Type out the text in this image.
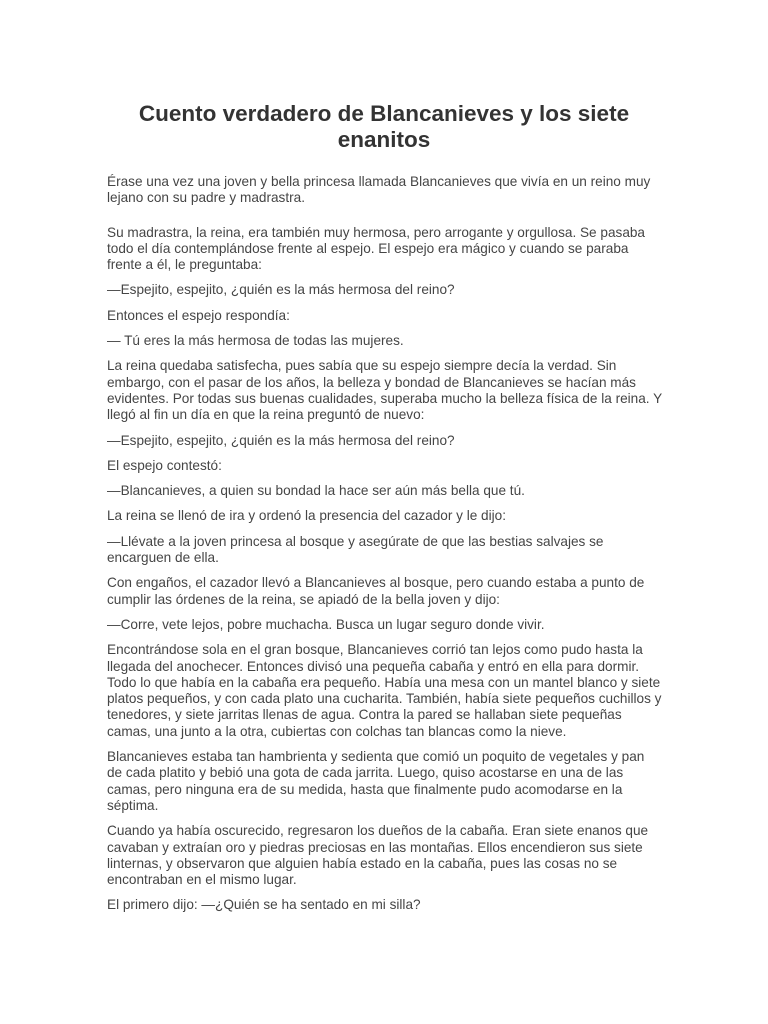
Cuento verdadero de Blancanieves y los siete enanitos

Érase una vez una joven y bella princesa llamada Blancanieves que vivía en un reino muy lejano con su padre y madrastra.

Su madrastra, la reina, era también muy hermosa, pero arrogante y orgullosa. Se pasaba todo el día contemplándose frente al espejo. El espejo era mágico y cuando se paraba frente a él, le preguntaba:

—Espejito, espejito, ¿quién es la más hermosa del reino?

Entonces el espejo respondía:

— Tú eres la más hermosa de todas las mujeres.

La reina quedaba satisfecha, pues sabía que su espejo siempre decía la verdad. Sin embargo, con el pasar de los años, la belleza y bondad de Blancanieves se hacían más evidentes. Por todas sus buenas cualidades, superaba mucho la belleza física de la reina. Y llegó al fin un día en que la reina preguntó de nuevo:

—Espejito, espejito, ¿quién es la más hermosa del reino?

El espejo contestó:

—Blancanieves, a quien su bondad la hace ser aún más bella que tú.

La reina se llenó de ira y ordenó la presencia del cazador y le dijo:

—Llévate a la joven princesa al bosque y asegúrate de que las bestias salvajes se encarguen de ella.

Con engaños, el cazador llevó a Blancanieves al bosque, pero cuando estaba a punto de cumplir las órdenes de la reina, se apiadó de la bella joven y dijo:

—Corre, vete lejos, pobre muchacha. Busca un lugar seguro donde vivir.

Encontrándose sola en el gran bosque, Blancanieves corrió tan lejos como pudo hasta la llegada del anochecer. Entonces divisó una pequeña cabaña y entró en ella para dormir. Todo lo que había en la cabaña era pequeño. Había una mesa con un mantel blanco y siete platos pequeños, y con cada plato una cucharita. También, había siete pequeños cuchillos y tenedores, y siete jarritas llenas de agua. Contra la pared se hallaban siete pequeñas camas, una junto a la otra, cubiertas con colchas tan blancas como la nieve.

Blancanieves estaba tan hambrienta y sedienta que comió un poquito de vegetales y pan de cada platito y bebió una gota de cada jarrita. Luego, quiso acostarse en una de las camas, pero ninguna era de su medida, hasta que finalmente pudo acomodarse en la séptima.

Cuando ya había oscurecido, regresaron los dueños de la cabaña. Eran siete enanos que cavaban y extraían oro y piedras preciosas en las montañas. Ellos encendieron sus siete linternas, y observaron que alguien había estado en la cabaña, pues las cosas no se encontraban en el mismo lugar.

El primero dijo: —¿Quién se ha sentado en mi silla?
